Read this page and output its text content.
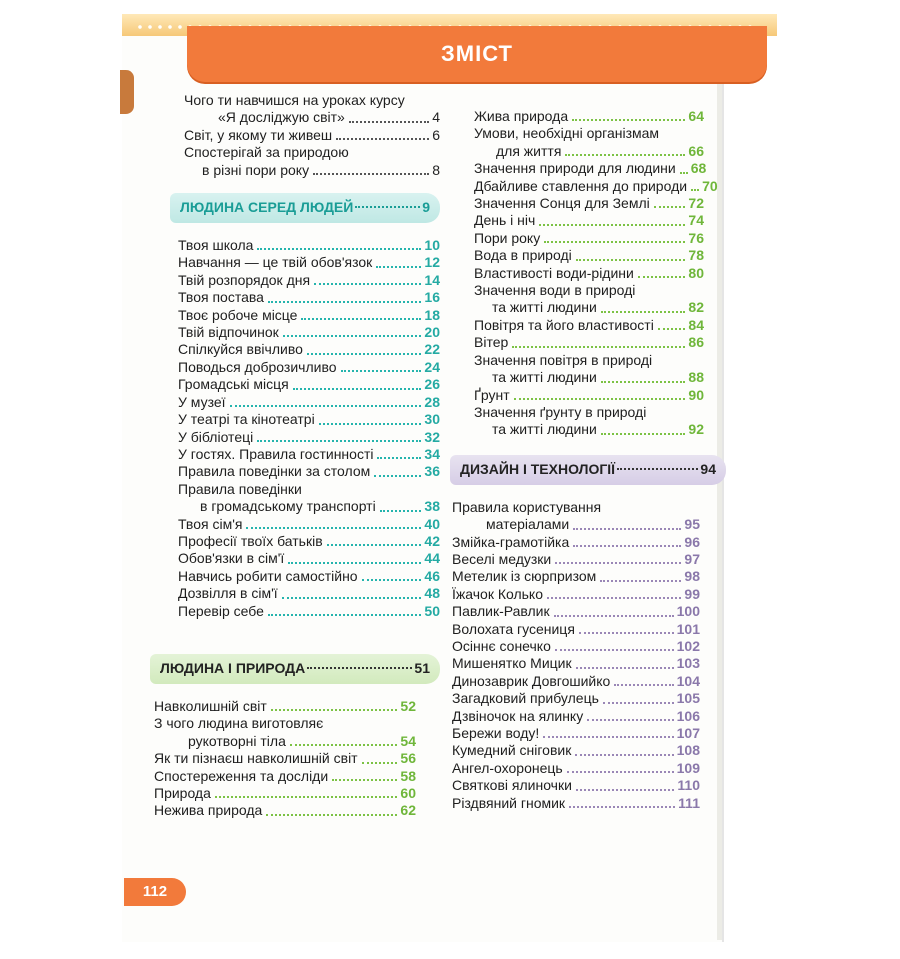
ЗМІСТ
Чого ти навчишся на уроках курсу
«Я досліджую світ»	4
Світ, у якому ти живеш	6
Спостерігай за природою
в різні пори року	8
ЛЮДИНА СЕРЕД ЛЮДЕЙ	9
Твоя школа	10
Навчання — це твій обов'язок	12
Твій розпорядок дня	14
Твоя постава	16
Твоє робоче місце	18
Твій відпочинок	20
Спілкуйся ввічливо	22
Поводься доброзичливо	24
Громадські місця	26
У музеї	28
У театрі та кінотеатрі	30
У бібліотеці	32
У гостях. Правила гостинності	34
Правила поведінки за столом	36
Правила поведінки
в громадському транспорті	38
Твоя сім'я	40
Професії твоїх батьків	42
Обов'язки в сім'ї	44
Навчись робити самостійно	46
Дозвілля в сім'ї	48
Перевір себе	50
ЛЮДИНА І ПРИРОДА	51
Навколишній світ	52
З чого людина виготовляє
рукотворні тіла	54
Як ти пізнаєш навколишній світ	56
Спостереження та досліди	58
Природа	60
Нежива природа	62
Жива природа	64
Умови, необхідні організмам
для життя	66
Значення природи для людини 68
Дбайливе ставлення до природи 70
Значення Сонця для Землі	72
День і ніч	74
Пори року	76
Вода в природі	78
Властивості води-рідини	80
Значення води в природі
та житті людини	82
Повітря та його властивості 84
Вітер	86
Значення повітря в природі
та житті людини	88
Ґрунт	90
Значення ґрунту в природі
та житті людини	92
ДИЗАЙН І ТЕХНОЛОГІЇ	94
Правила користування
матеріалами	95
Змійка-грамотійка	96
Веселі медузки	97
Метелик із сюрпризом	98
Їжачок Колько	99
Павлик-Равлик	100
Волохата гусениця	101
Осіннє сонечко	102
Мишенятко Мицик	103
Динозаврик Довгошийко	104
Загадковий прибулець	105
Дзвіночок на ялинку	106
Бережи воду!	107
Кумедний сніговик	108
Ангел-охоронець	109
Святкові ялиночки	110
Різдвяний гномик	111
112
